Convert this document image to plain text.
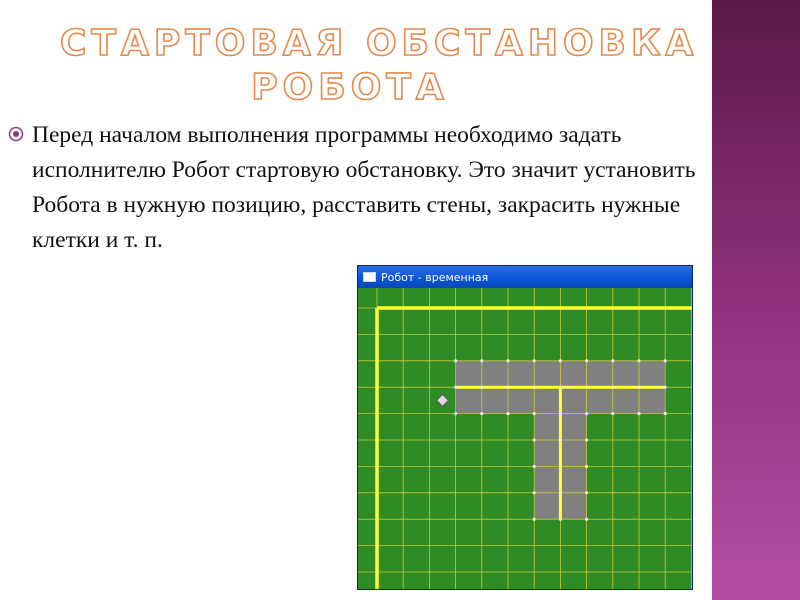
СТАРТОВАЯ ОБСТАНОВКА
РОБОТА
Перед началом выполнения программы необходимо задать исполнителю Робот стартовую обстановку. Это значит установить Робота в нужную позицию, расставить стены, закрасить нужные клетки и т. п.
Робот - временная
